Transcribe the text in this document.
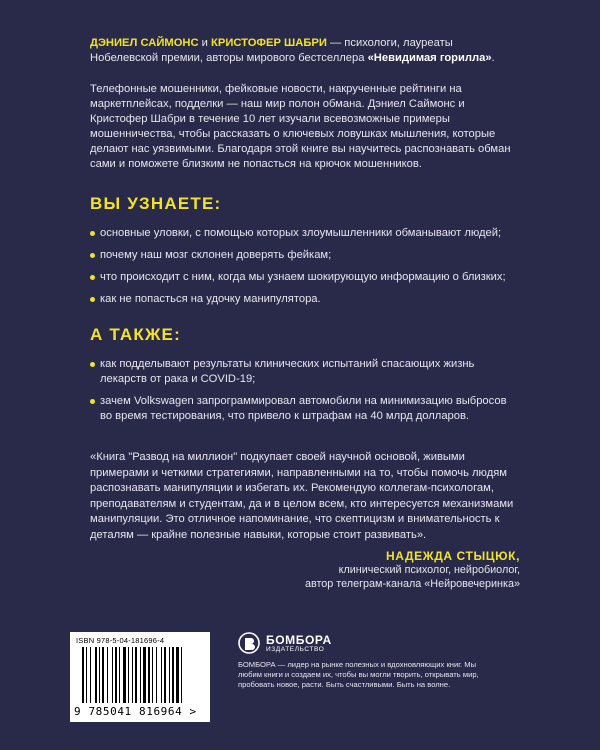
ДЭНИЕЛ САЙМОНС и КРИСТОФЕР ШАБРИ — психологи, лауреаты Нобелевской премии, авторы мирового бестселлера «Невидимая горилла».

Телефонные мошенники, фейковые новости, накрученные рейтинги на маркетплейсах, подделки — наш мир полон обмана. Дэниел Саймонс и Кристофер Шабри в течение 10 лет изучали всевозможные примеры мошенничества, чтобы рассказать о ключевых ловушках мышления, которые делают нас уязвимыми. Благодаря этой книге вы научитесь распознавать обман сами и поможете близким не попасться на крючок мошенников.

ВЫ УЗНАЕТЕ:
основные уловки, с помощью которых злоумышленники обманывают людей;
почему наш мозг склонен доверять фейкам;
что происходит с ним, когда мы узнаем шокирующую информацию о близких;
как не попасться на удочку манипулятора.
А ТАКЖЕ:
как подделывают результаты клинических испытаний спасающих жизнь лекарств от рака и COVID-19;
зачем Volkswagen запрограммировал автомобили на минимизацию выбросов во время тестирования, что привело к штрафам на 40 млрд долларов.

«Книга "Развод на миллион" подкупает своей научной основой, живыми примерами и четкими стратегиями, направленными на то, чтобы помочь людям распознавать манипуляции и избегать их. Рекомендую коллегам-психологам, преподавателям и студентам, да и в целом всем, кто интересуется механизмами манипуляции. Это отличное напоминание, что скептицизм и внимательность к деталям — крайне полезные навыки, которые стоит развивать».

НАДЕЖДА СТЫЦЮК,
клинический психолог, нейробиолог,
автор телеграм-канала «Нейровечеринка»
ISBN 978-5-04-181696-4
9 785041 816964 >
БОМБОРА
ИЗДАТЕЛЬСТВО
БОМБОРА — лидер на рынке полезных и вдохновляющих книг. Мы любим книги и создаем их, чтобы вы могли творить, открывать мир, пробовать новое, расти. Быть счастливыми. Быть на волне.
